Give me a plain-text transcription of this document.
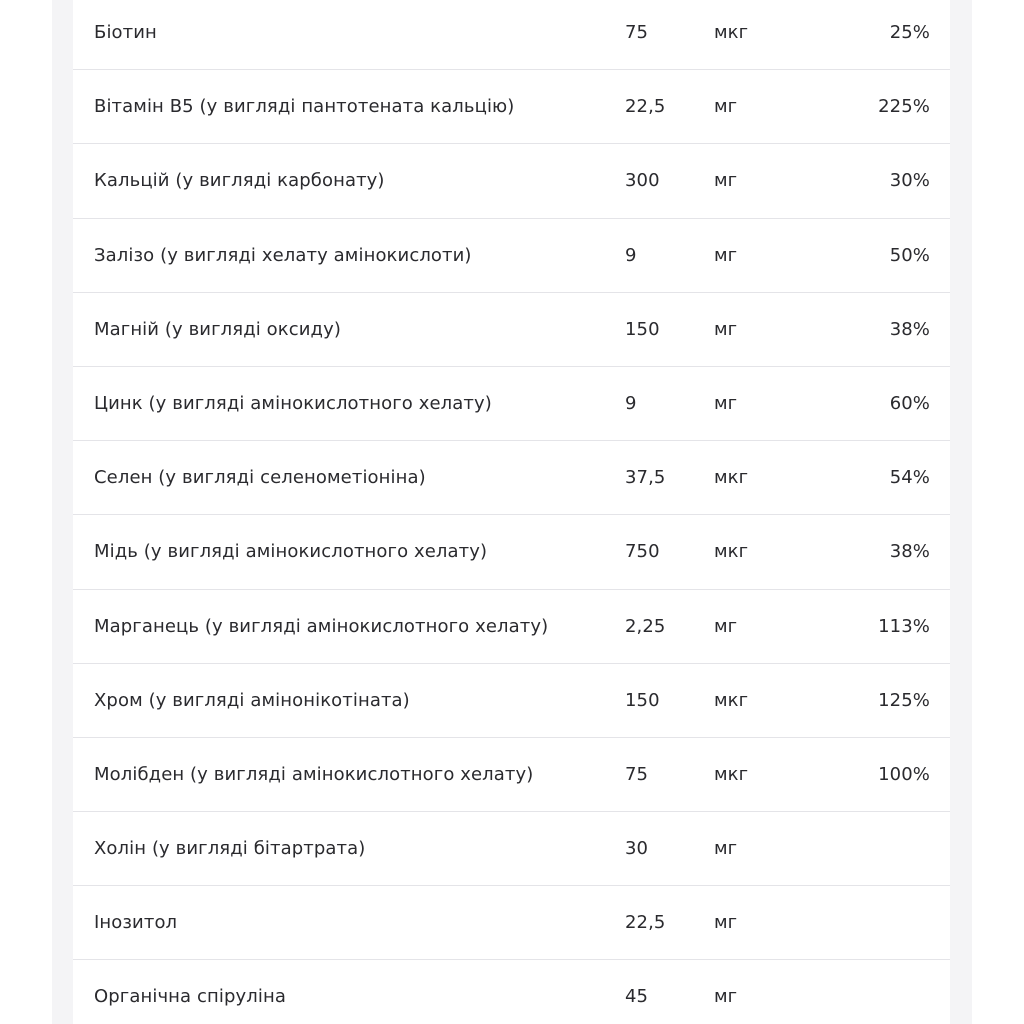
Біотин	75	мкг	25%
Вітамін B5 (у вигляді пантотената кальцію)	22,5	мг	225%
Кальцій (у вигляді карбонату)	300	мг	30%
Залізо (у вигляді хелату амінокислоти)	9	мг	50%
Магній (у вигляді оксиду)	150	мг	38%
Цинк (у вигляді амінокислотного хелату)	9	мг	60%
Селен (у вигляді селенометіоніна)	37,5	мкг	54%
Мідь (у вигляді амінокислотного хелату)	750	мкг	38%
Марганець (у вигляді амінокислотного хелату)	2,25	мг	113%
Хром (у вигляді амінонікотіната)	150	мкг	125%
Молібден (у вигляді амінокислотного хелату)	75	мкг	100%
Холін (у вигляді бітартрата)	30	мг
Інозитол	22,5	мг
Органічна спіруліна	45	мг
